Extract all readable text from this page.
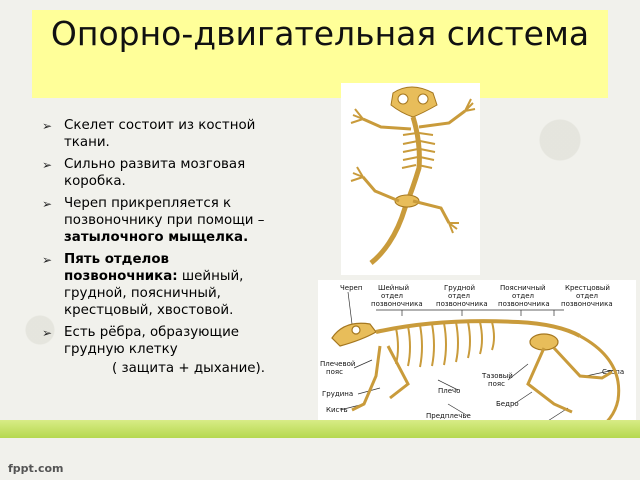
Опорно-двигательная система
➢ Скелет состоит из костной ткани.
➢ Сильно развита мозговая коробка.
➢ Череп прикрепляется к позвоночнику при помощи – затылочного мыщелка.
➢ Пять отделов позвоночника: шейный, грудной, поясничный, крестцовый, хвостовой.
➢ Есть рёбра, образующие грудную клетку
( защита + дыхание).
Череп Шейный
отдел
позвоночника
Грудной
отдел
позвоночника
Поясничный
отдел
позвоночника
Крестцовый
отдел
позвоночника
Плечевой
пояс	Тазовый
пояс
Стопа
Плечо
Грудина
Бедро
Кисть
Предплечье
fppt.com
